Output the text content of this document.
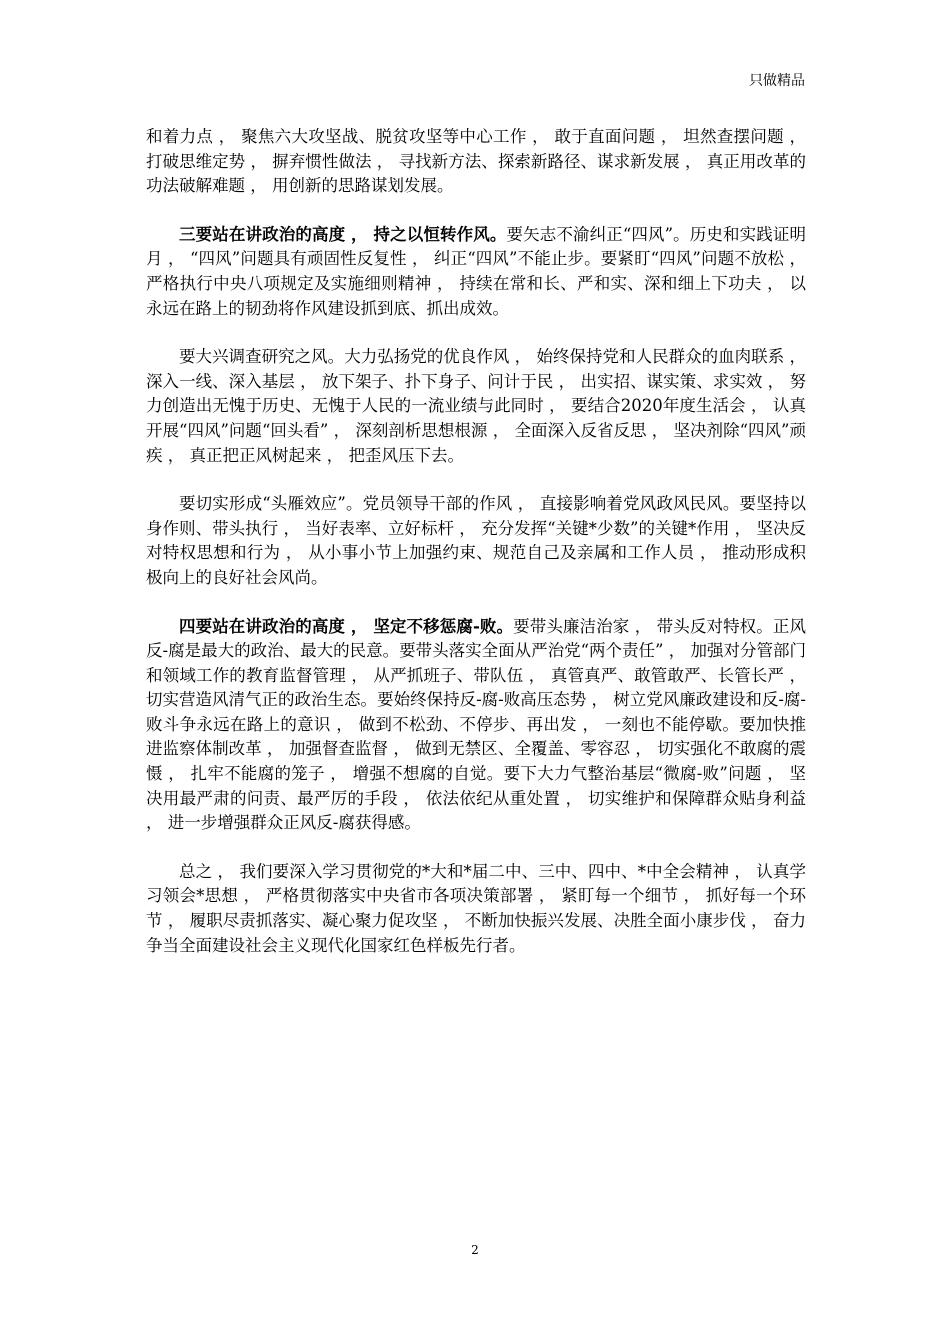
只做精品

和着力点 ， 聚焦六大攻坚战、脱贫攻坚等中心工作 ， 敢于直面问题 ， 坦然查摆问题 ， 打破思维定势 ， 摒弃惯性做法 ， 寻找新方法、探索新路径、谋求新发展 ， 真正用改革的功法破解难题 ， 用创新的思路谋划发展。

三要站在讲政治的高度 ， 持之以恒转作风。要矢志不渝纠正“四风”。历史和实践证明月 ， “四风”问题具有顽固性反复性 ， 纠正“四风”不能止步。要紧盯“四风”问题不放松 ， 严格执行中央八项规定及实施细则精神 ， 持续在常和长、严和实、深和细上下功夫 ， 以永远在路上的韧劲将作风建设抓到底、抓出成效。

要大兴调查研究之风。大力弘扬党的优良作风 ， 始终保持党和人民群众的血肉联系 ， 深入一线、深入基层 ， 放下架子、扑下身子、问计于民 ， 出实招、谋实策、求实效 ， 努力创造出无愧于历史、无愧于人民的一流业绩与此同时 ， 要结合2020年度生活会 ， 认真开展“四风”问题“回头看” ， 深刻剖析思想根源 ， 全面深入反省反思 ， 坚决剂除“四风”顽疾 ， 真正把正风树起来 ， 把歪风压下去。

要切实形成“头雁效应”。党员领导干部的作风 ， 直接影响着党风政风民风。要坚持以身作则、带头执行 ， 当好表率、立好标杆 ， 充分发挥“关键*少数”的关键*作用 ， 坚决反对特权思想和行为 ， 从小事小节上加强约束、规范自己及亲属和工作人员 ， 推动形成积极向上的良好社会风尚。

四要站在讲政治的高度 ， 坚定不移惩腐-败。要带头廉洁治家 ， 带头反对特权。正风反-腐是最大的政治、最大的民意。要带头落实全面从严治党“两个责任” ， 加强对分管部门和领域工作的教育监督管理 ， 从严抓班子、带队伍 ， 真管真严、敢管敢严、长管长严 ， 切实营造风清气正的政治生态。要始终保持反-腐-败高压态势 ， 树立党风廉政建设和反-腐-败斗争永远在路上的意识 ， 做到不松劲、不停步、再出发 ， 一刻也不能停歇。要加快推进监察体制改革 ， 加强督查监督 ， 做到无禁区、全覆盖、零容忍 ， 切实强化不敢腐的震慑 ， 扎牢不能腐的笼子 ， 增强不想腐的自觉。要下大力气整治基层“微腐-败”问题 ， 坚决用最严肃的问责、最严厉的手段 ， 依法依纪从重处置 ， 切实维护和保障群众贴身利益 ， 进一步增强群众正风反-腐获得感。

总之 ， 我们要深入学习贯彻党的*大和*届二中、三中、四中、*中全会精神 ， 认真学习领会*思想 ， 严格贯彻落实中央省市各项决策部署 ， 紧盯每一个细节 ， 抓好每一个环节 ， 履职尽责抓落实、凝心聚力促攻坚 ， 不断加快振兴发展、决胜全面小康步伐 ， 奋力争当全面建设社会主义现代化国家红色样板先行者。

2
